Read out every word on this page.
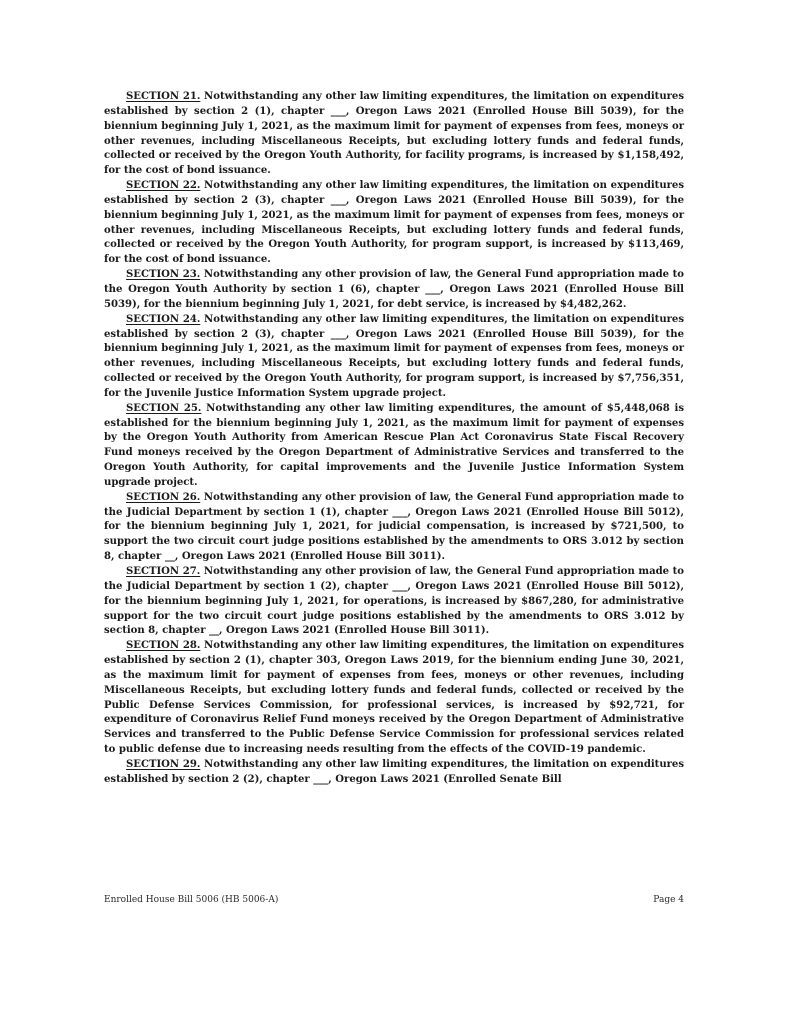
SECTION 21. Notwithstanding any other law limiting expenditures, the limitation on expenditures established by section 2 (1), chapter ___, Oregon Laws 2021 (Enrolled House Bill 5039), for the biennium beginning July 1, 2021, as the maximum limit for payment of expenses from fees, moneys or other revenues, including Miscellaneous Receipts, but excluding lottery funds and federal funds, collected or received by the Oregon Youth Authority, for facility programs, is increased by $1,158,492, for the cost of bond issuance.

SECTION 22. Notwithstanding any other law limiting expenditures, the limitation on expenditures established by section 2 (3), chapter ___, Oregon Laws 2021 (Enrolled House Bill 5039), for the biennium beginning July 1, 2021, as the maximum limit for payment of expenses from fees, moneys or other revenues, including Miscellaneous Receipts, but excluding lottery funds and federal funds, collected or received by the Oregon Youth Authority, for program support, is increased by $113,469, for the cost of bond issuance.

SECTION 23. Notwithstanding any other provision of law, the General Fund appropriation made to the Oregon Youth Authority by section 1 (6), chapter ___, Oregon Laws 2021 (Enrolled House Bill 5039), for the biennium beginning July 1, 2021, for debt service, is increased by $4,482,262.

SECTION 24. Notwithstanding any other law limiting expenditures, the limitation on expenditures established by section 2 (3), chapter ___, Oregon Laws 2021 (Enrolled House Bill 5039), for the biennium beginning July 1, 2021, as the maximum limit for payment of expenses from fees, moneys or other revenues, including Miscellaneous Receipts, but excluding lottery funds and federal funds, collected or received by the Oregon Youth Authority, for program support, is increased by $7,756,351, for the Juvenile Justice Information System upgrade project.

SECTION 25. Notwithstanding any other law limiting expenditures, the amount of $5,448,068 is established for the biennium beginning July 1, 2021, as the maximum limit for payment of expenses by the Oregon Youth Authority from American Rescue Plan Act Coronavirus State Fiscal Recovery Fund moneys received by the Oregon Department of Administrative Services and transferred to the Oregon Youth Authority, for capital improvements and the Juvenile Justice Information System upgrade project.

SECTION 26. Notwithstanding any other provision of law, the General Fund appropriation made to the Judicial Department by section 1 (1), chapter ___, Oregon Laws 2021 (Enrolled House Bill 5012), for the biennium beginning July 1, 2021, for judicial compensation, is increased by $721,500, to support the two circuit court judge positions established by the amendments to ORS 3.012 by section 8, chapter __, Oregon Laws 2021 (Enrolled House Bill 3011).

SECTION 27. Notwithstanding any other provision of law, the General Fund appropriation made to the Judicial Department by section 1 (2), chapter ___, Oregon Laws 2021 (Enrolled House Bill 5012), for the biennium beginning July 1, 2021, for operations, is increased by $867,280, for administrative support for the two circuit court judge positions established by the amendments to ORS 3.012 by section 8, chapter __, Oregon Laws 2021 (Enrolled House Bill 3011).

SECTION 28. Notwithstanding any other law limiting expenditures, the limitation on expenditures established by section 2 (1), chapter 303, Oregon Laws 2019, for the biennium ending June 30, 2021, as the maximum limit for payment of expenses from fees, moneys or other revenues, including Miscellaneous Receipts, but excluding lottery funds and federal funds, collected or received by the Public Defense Services Commission, for professional services, is increased by $92,721, for expenditure of Coronavirus Relief Fund moneys received by the Oregon Department of Administrative Services and transferred to the Public Defense Service Commission for professional services related to public defense due to increasing needs resulting from the effects of the COVID-19 pandemic.

SECTION 29. Notwithstanding any other law limiting expenditures, the limitation on expenditures established by section 2 (2), chapter ___, Oregon Laws 2021 (Enrolled Senate Bill

Enrolled House Bill 5006 (HB 5006-A)	Page 4
